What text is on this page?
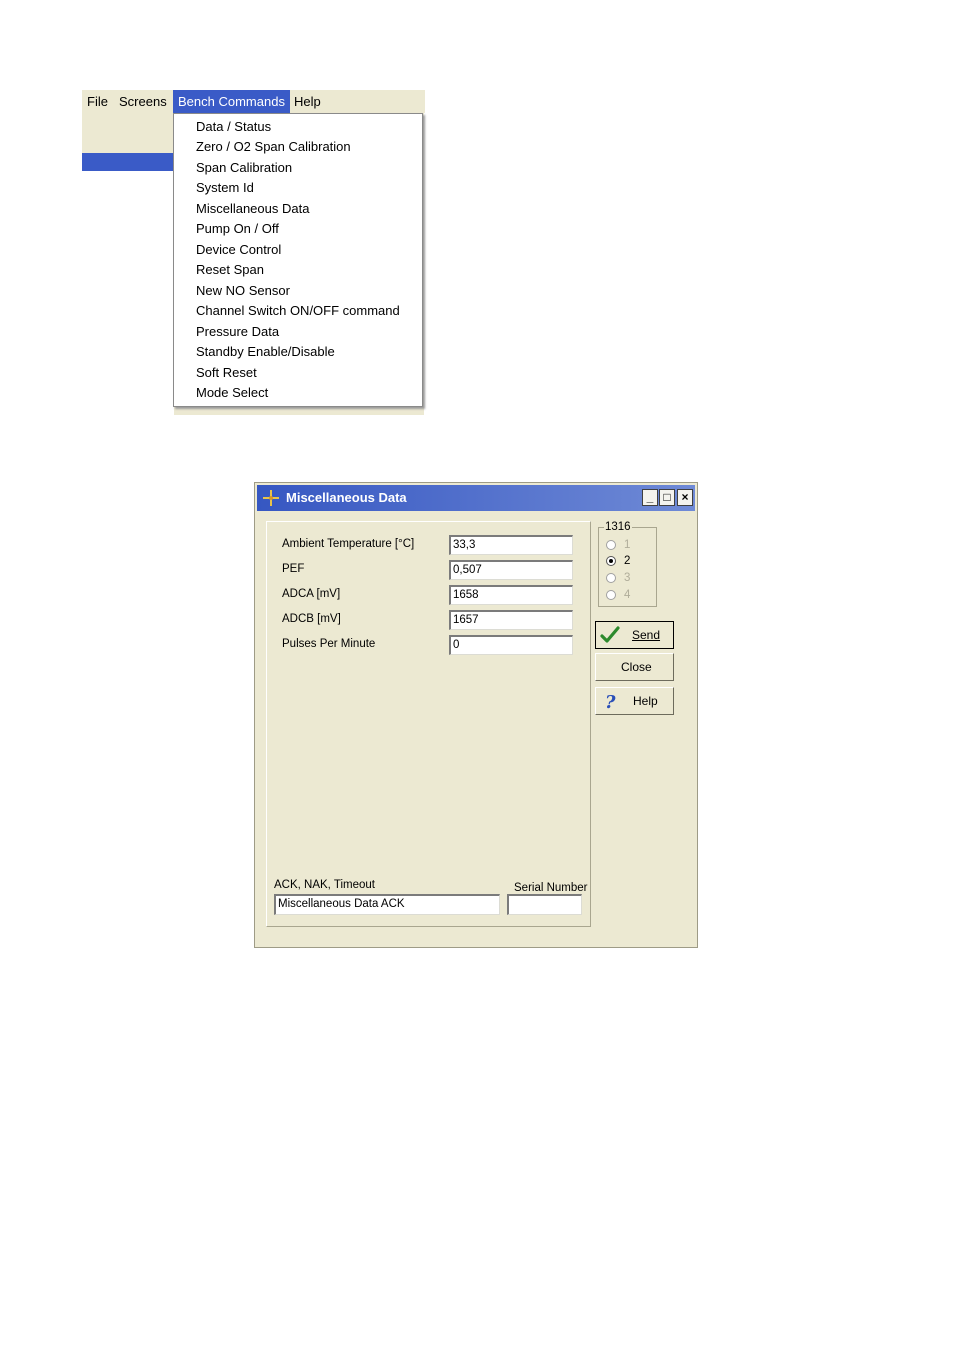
File Screens Bench Commands Help
Data / Status
Zero / O2 Span Calibration
Span Calibration
System Id
Miscellaneous Data
Pump On / Off
Device Control
Reset Span
New NO Sensor
Channel Switch ON/OFF command
Pressure Data
Standby Enable/Disable
Soft Reset
Mode Select
Miscellaneous Data	_ □ ×
Ambient Temperature [°C]	33,3
PEF	0,507
ADCA [mV]	1658
ADCB [mV]	1657
Pulses Per Minute	0
ACK, NAK, Timeout
Miscellaneous Data ACK
Serial Number
1316
1
2
3
4
Send
Close
? Help
